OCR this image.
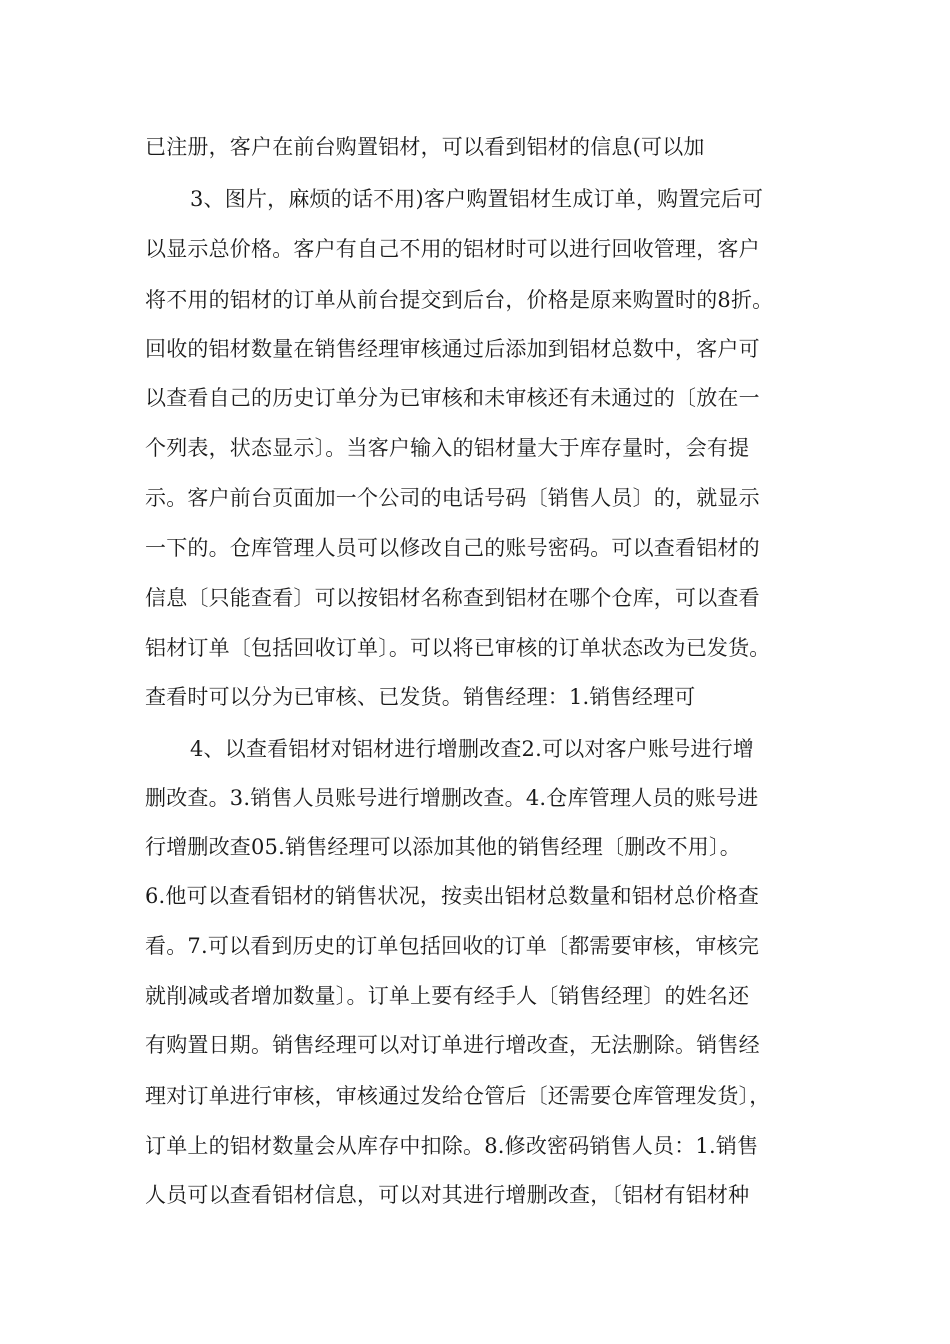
已注册，客户在前台购置铝材，可以看到铝材的信息(可以加
3、图片，麻烦的话不用)客户购置铝材生成订单，购置完后可
以显示总价格。客户有自己不用的铝材时可以进行回收管理，客户
将不用的铝材的订单从前台提交到后台，价格是原来购置时的8折。
回收的铝材数量在销售经理审核通过后添加到铝材总数中，客户可
以查看自己的历史订单分为已审核和未审核还有未通过的〔放在一
个列表，状态显示〕。当客户输入的铝材量大于库存量时，会有提
示。客户前台页面加一个公司的电话号码〔销售人员〕的，就显示
一下的。仓库管理人员可以修改自己的账号密码。可以查看铝材的
信息〔只能查看〕可以按铝材名称查到铝材在哪个仓库，可以查看
铝材订单〔包括回收订单〕。可以将已审核的订单状态改为已发货。
查看时可以分为已审核、已发货。销售经理：1.销售经理可
4、以查看铝材对铝材进行增删改查2.可以对客户账号进行增
删改查。3.销售人员账号进行增删改查。4.仓库管理人员的账号进
行增删改查05.销售经理可以添加其他的销售经理〔删改不用〕。
6.他可以查看铝材的销售状况，按卖出铝材总数量和铝材总价格查
看。7.可以看到历史的订单包括回收的订单〔都需要审核，审核完
就削减或者增加数量〕。订单上要有经手人〔销售经理〕的姓名还
有购置日期。销售经理可以对订单进行增改查，无法删除。销售经
理对订单进行审核，审核通过发给仓管后〔还需要仓库管理发货〕，
订单上的铝材数量会从库存中扣除。8.修改密码销售人员：1.销售
人员可以查看铝材信息，可以对其进行增删改查，〔铝材有铝材种
